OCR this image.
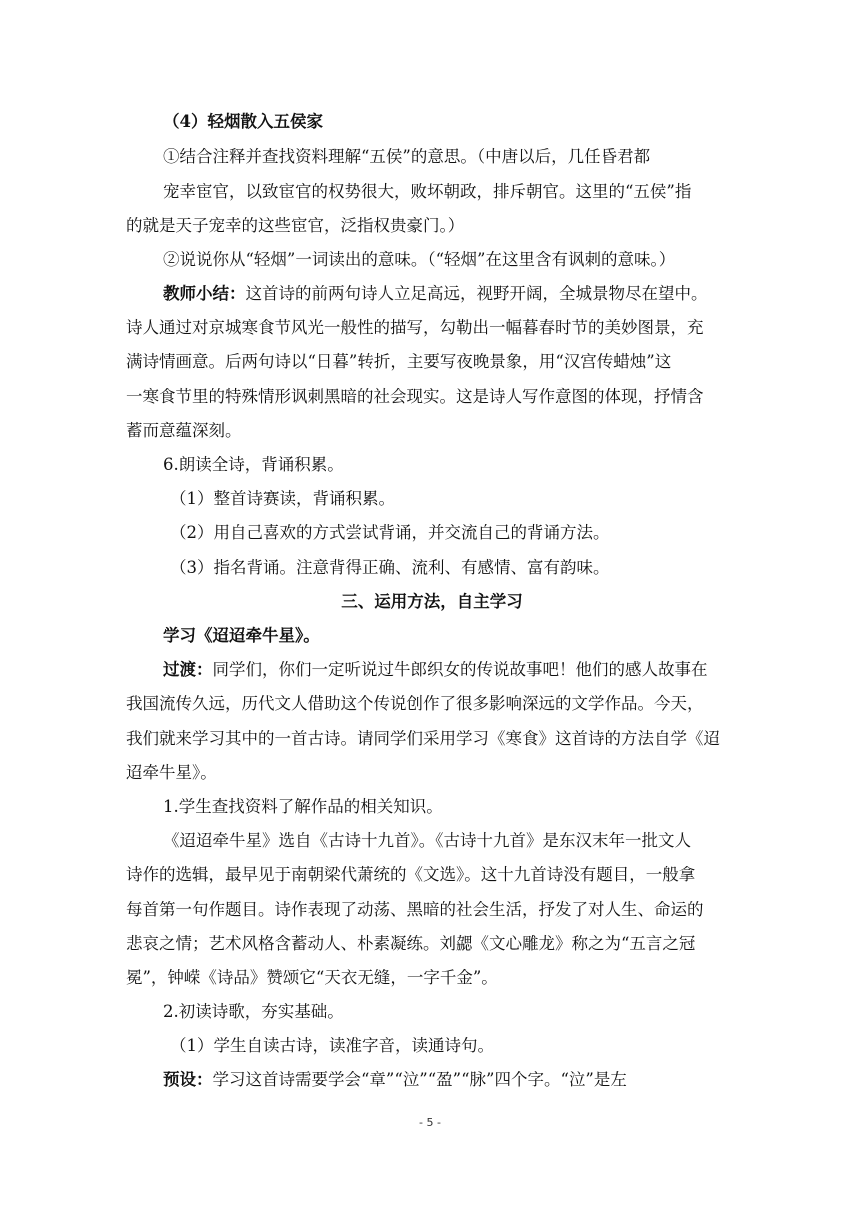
（4）轻烟散入五侯家
①结合注释并查找资料理解“五侯”的意思。（中唐以后，几任昏君都
宠幸宦官，以致宦官的权势很大，败坏朝政，排斥朝官。这里的“五侯”指
的就是天子宠幸的这些宦官，泛指权贵豪门。）
②说说你从“轻烟”一词读出的意味。（“轻烟”在这里含有讽刺的意味。）
教师小结：这首诗的前两句诗人立足高远，视野开阔，全城景物尽在望中。
诗人通过对京城寒食节风光一般性的描写，勾勒出一幅暮春时节的美妙图景，充
满诗情画意。后两句诗以“日暮”转折，主要写夜晚景象，用“汉宫传蜡烛”这
一寒食节里的特殊情形讽刺黑暗的社会现实。这是诗人写作意图的体现，抒情含
蓄而意蕴深刻。
6.朗读全诗，背诵积累。
（1）整首诗赛读，背诵积累。
（2）用自己喜欢的方式尝试背诵，并交流自己的背诵方法。
（3）指名背诵。注意背得正确、流利、有感情、富有韵味。
三、运用方法，自主学习
学习《迢迢牵牛星》。
过渡：同学们，你们一定听说过牛郎织女的传说故事吧！他们的感人故事在
我国流传久远，历代文人借助这个传说创作了很多影响深远的文学作品。今天，
我们就来学习其中的一首古诗。请同学们采用学习《寒食》这首诗的方法自学《迢
迢牵牛星》。
1.学生查找资料了解作品的相关知识。
《迢迢牵牛星》选自《古诗十九首》。《古诗十九首》是东汉末年一批文人
诗作的选辑，最早见于南朝梁代萧统的《文选》。这十九首诗没有题目，一般拿
每首第一句作题目。诗作表现了动荡、黑暗的社会生活，抒发了对人生、命运的
悲哀之情；艺术风格含蓄动人、朴素凝练。刘勰《文心雕龙》称之为“五言之冠
冕”，钟嵘《诗品》赞颂它“天衣无缝，一字千金”。
2.初读诗歌，夯实基础。
（1）学生自读古诗，读准字音，读通诗句。
预设：学习这首诗需要学会“章”“泣”“盈”“脉”四个字。“泣”是左
- 5 -
